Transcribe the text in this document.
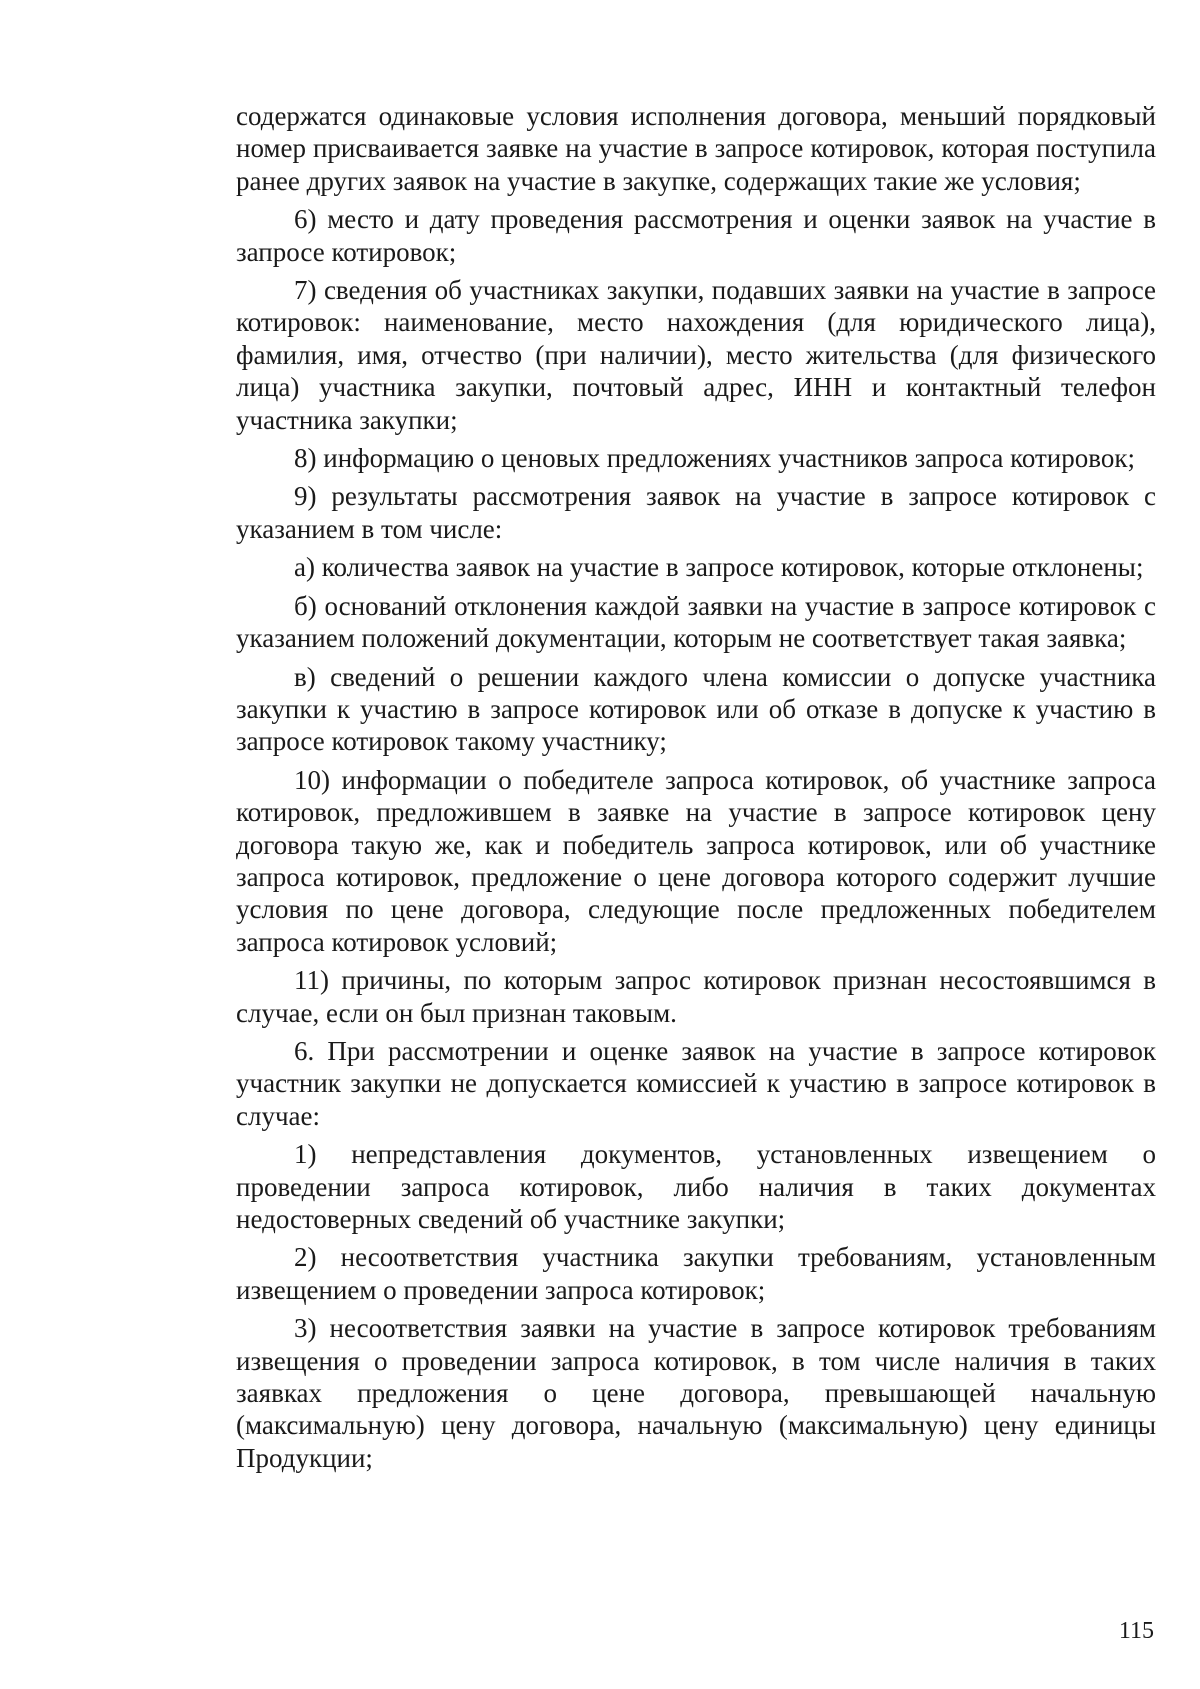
содержатся одинаковые условия исполнения договора, меньший порядковый номер присваивается заявке на участие в запросе котировок, которая поступила ранее других заявок на участие в закупке, содержащих такие же условия;

6) место и дату проведения рассмотрения и оценки заявок на участие в запросе котировок;

7) сведения об участниках закупки, подавших заявки на участие в запросе котировок: наименование, место нахождения (для юридического лица), фамилия, имя, отчество (при наличии), место жительства (для физического лица) участника закупки, почтовый адрес, ИНН и контактный телефон участника закупки;

8) информацию о ценовых предложениях участников запроса котировок;

9) результаты рассмотрения заявок на участие в запросе котировок с указанием в том числе:

а) количества заявок на участие в запросе котировок, которые отклонены;

б) оснований отклонения каждой заявки на участие в запросе котировок с указанием положений документации, которым не соответствует такая заявка;

в) сведений о решении каждого члена комиссии о допуске участника закупки к участию в запросе котировок или об отказе в допуске к участию в запросе котировок такому участнику;

10) информации о победителе запроса котировок, об участнике запроса котировок, предложившем в заявке на участие в запросе котировок цену договора такую же, как и победитель запроса котировок, или об участнике запроса котировок, предложение о цене договора которого содержит лучшие условия по цене договора, следующие после предложенных победителем запроса котировок условий;

11) причины, по которым запрос котировок признан несостоявшимся в случае, если он был признан таковым.

6. При рассмотрении и оценке заявок на участие в запросе котировок участник закупки не допускается комиссией к участию в запросе котировок в случае:

1) непредставления документов, установленных извещением о проведении запроса котировок, либо наличия в таких документах недостоверных сведений об участнике закупки;

2) несоответствия участника закупки требованиям, установленным извещением о проведении запроса котировок;

3) несоответствия заявки на участие в запросе котировок требованиям извещения о проведении запроса котировок, в том числе наличия в таких заявках предложения о цене договора, превышающей начальную (максимальную) цену договора, начальную (максимальную) цену единицы Продукции;

115
